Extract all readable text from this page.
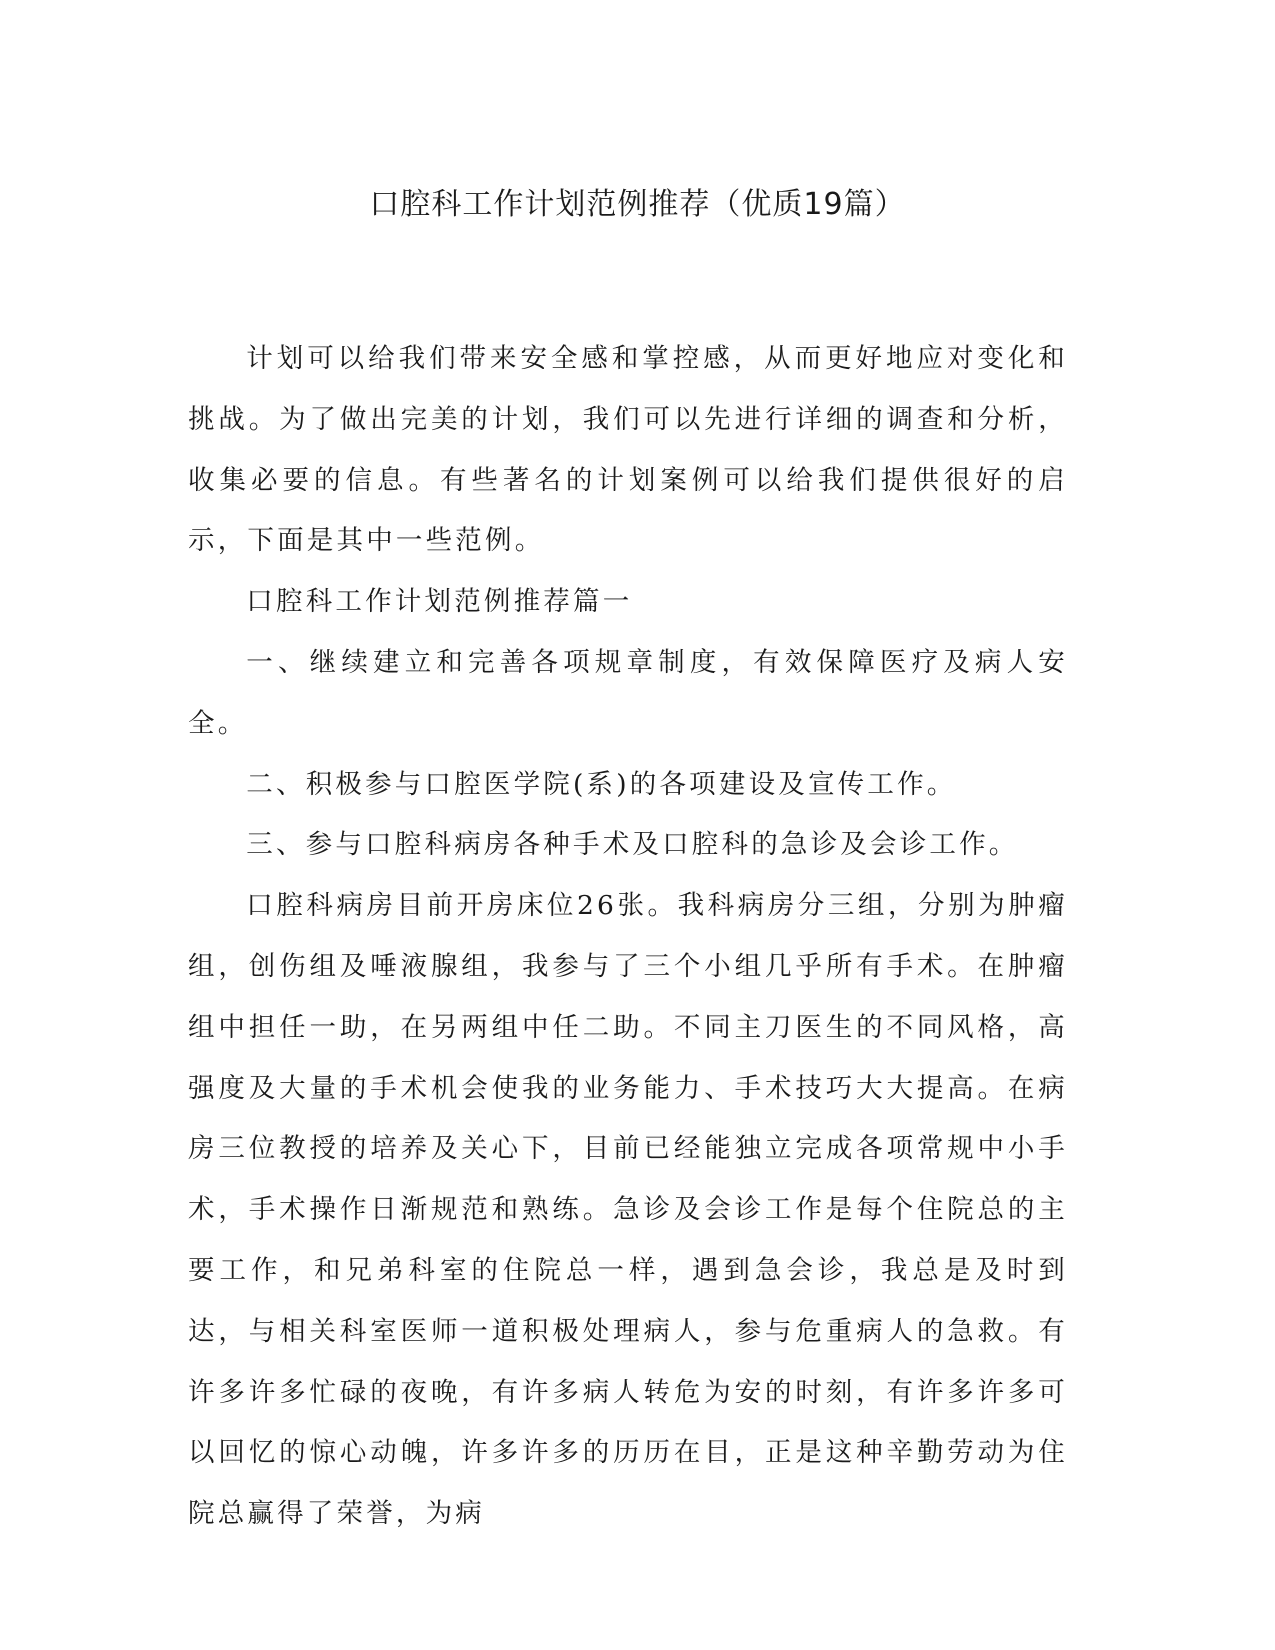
口腔科工作计划范例推荐（优质19篇）

计划可以给我们带来安全感和掌控感，从而更好地应对变化和挑战。为了做出完美的计划，我们可以先进行详细的调查和分析，收集必要的信息。有些著名的计划案例可以给我们提供很好的启示，下面是其中一些范例。

口腔科工作计划范例推荐篇一

一、继续建立和完善各项规章制度，有效保障医疗及病人安全。

二、积极参与口腔医学院(系)的各项建设及宣传工作。

三、参与口腔科病房各种手术及口腔科的急诊及会诊工作。

口腔科病房目前开房床位26张。我科病房分三组，分别为肿瘤组，创伤组及唾液腺组，我参与了三个小组几乎所有手术。在肿瘤组中担任一助，在另两组中任二助。不同主刀医生的不同风格，高强度及大量的手术机会使我的业务能力、手术技巧大大提高。在病房三位教授的培养及关心下，目前已经能独立完成各项常规中小手术，手术操作日渐规范和熟练。急诊及会诊工作是每个住院总的主要工作，和兄弟科室的住院总一样，遇到急会诊，我总是及时到达，与相关科室医师一道积极处理病人，参与危重病人的急救。有许多许多忙碌的夜晚，有许多病人转危为安的时刻，有许多许多可以回忆的惊心动魄，许多许多的历历在目，正是这种辛勤劳动为住院总赢得了荣誉，为病
